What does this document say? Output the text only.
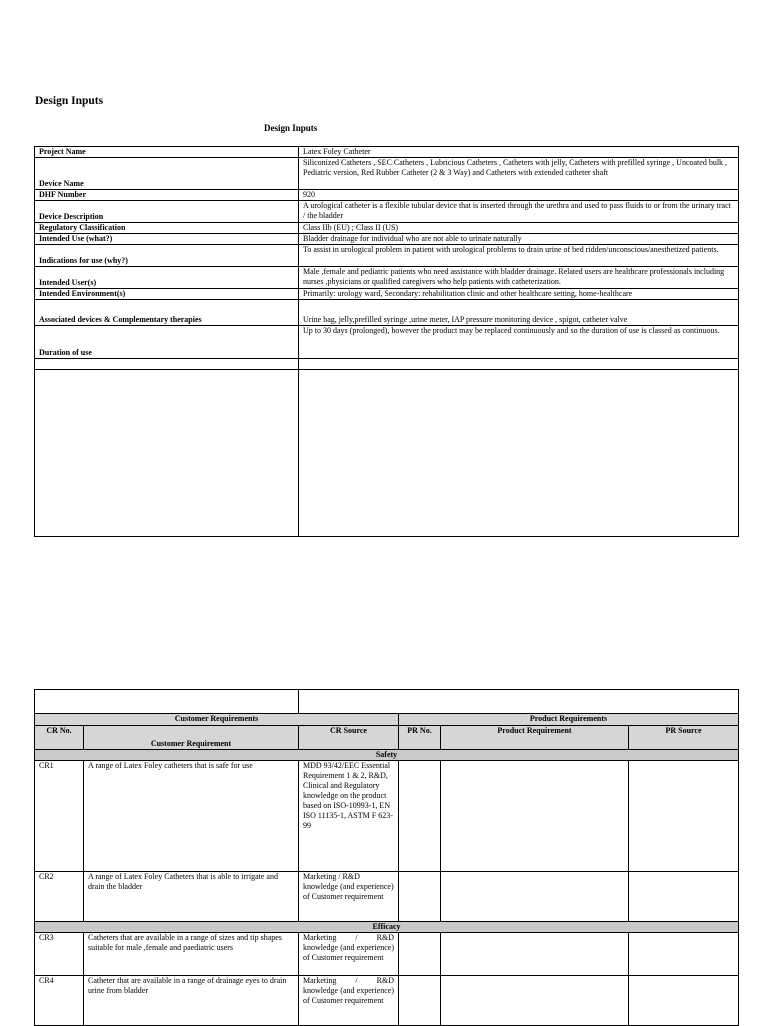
Design Inputs
Design Inputs
Project Name	Latex Foley Catheter
Device Name	Siliconized Catheters , SEC Catheters , Lubricious Catheters , Catheters with jelly, Catheters with prefilled syringe , Uncoated bulk , Pediatric version, Red Rubber Catheter (2 & 3 Way) and Catheters with extended catheter shaft
DHF Number	920
Device Description	A urological catheter is a flexible tubular device that is inserted through the urethra and used to pass fluids to or from the urinary tract / the bladder
Regulatory Classification	Class IIb (EU) ; Class II (US)
Intended Use (what?)	Bladder drainage for individual who are not able to urinate naturally
Indications for use (why?)	To assist in urological problem in patient with urological problems to drain urine of bed ridden/unconscious/anesthetized patients.
Intended User(s)	Male ,female and pediatric patients who need assistance with bladder drainage. Related users are healthcare professionals including nurses ,physicians or qualified caregivers who help patients with catheterization.
Intended Environment(s)	Primarily: urology ward, Secondary: rehabilitation clinic and other healthcare setting, home-healthcare
Associated devices & Complementary therapies	Urine bag, jelly,prefilled syringe ,urine meter, IAP pressure monitoring device , spigot, catheter valve
Duration of use	Up to 30 days (prolonged), however the product may be replaced continuously and so the duration of use is classed as continuous.

Customer Requirements			Product Requirements		
CR No.	Customer Requirement	CR Source	PR No.	Product Requirement	PR Source
Safety					
CR1	A range of Latex Foley catheters that is safe for use	MDD 93/42/EEC Essential Requirement 1 & 2, R&D, Clinical and Regulatory knowledge on the product based on ISO-10993-1, EN ISO 11135-1, ASTM F 623-99			
CR2	A range of Latex Foley Catheters that is able to irrigate and drain the bladder	Marketing / R&D knowledge (and experience) of Customer requirement			
Efficacy					
CR3	Catheters that are available in a range of sizes and tip shapes suitable for male ,female and paediatric users	Marketing / R&D knowledge (and experience) of Customer requirement			
CR4	Catheter that are available in a range of drainage eyes to drain urine from bladder	Marketing / R&D knowledge (and experience) of Customer requirement			
